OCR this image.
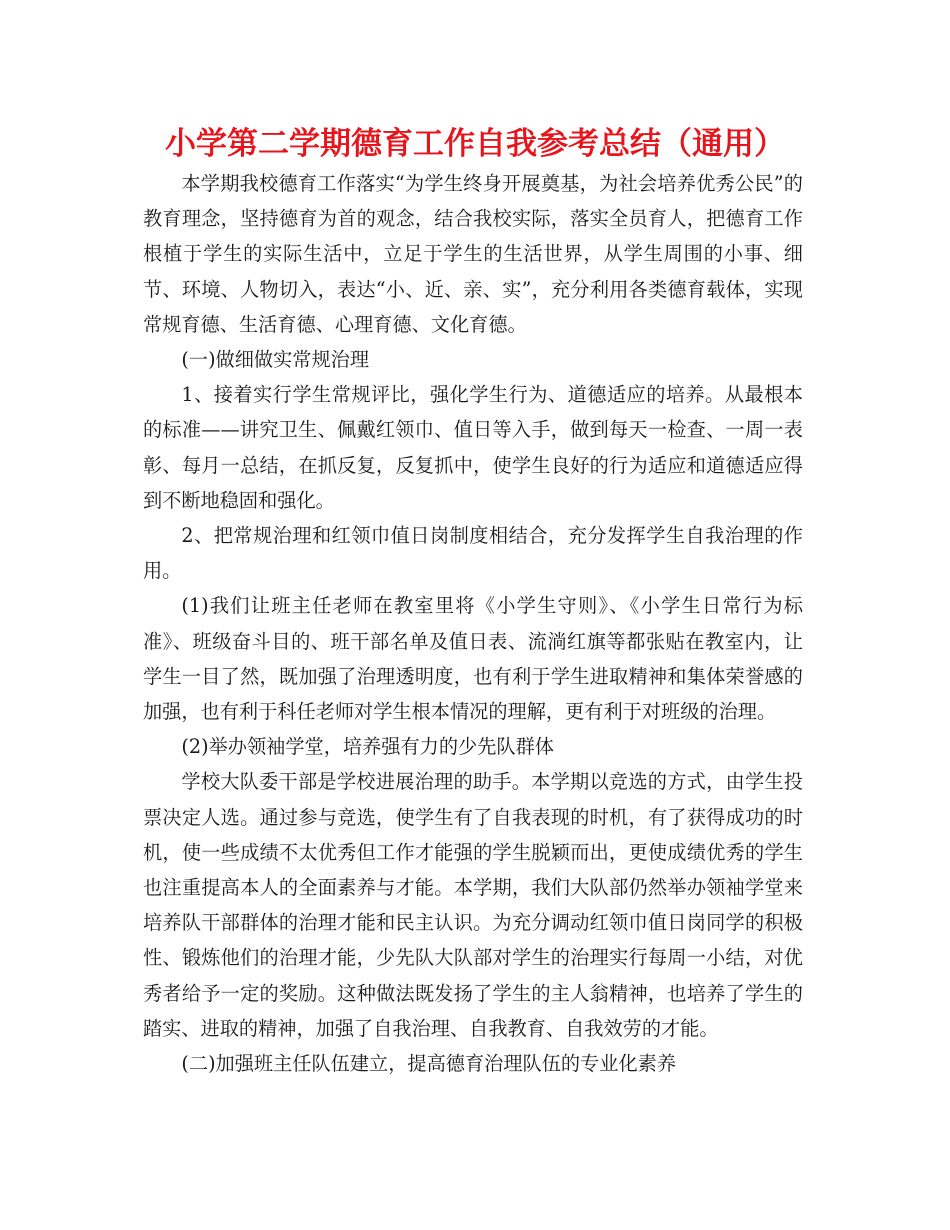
小学第二学期德育工作自我参考总结（通用）

本学期我校德育工作落实“为学生终身开展奠基，为社会培养优秀公民”的教育理念，坚持德育为首的观念，结合我校实际，落实全员育人，把德育工作根植于学生的实际生活中，立足于学生的生活世界，从学生周围的小事、细节、环境、人物切入，表达“小、近、亲、实”，充分利用各类德育载体，实现常规育德、生活育德、心理育德、文化育德。

(一)做细做实常规治理

1、接着实行学生常规评比，强化学生行为、道德适应的培养。从最根本的标准——讲究卫生、佩戴红领巾、值日等入手，做到每天一检查、一周一表彰、每月一总结，在抓反复，反复抓中，使学生良好的行为适应和道德适应得到不断地稳固和强化。

2、把常规治理和红领巾值日岗制度相结合，充分发挥学生自我治理的作用。

(1)我们让班主任老师在教室里将《小学生守则》、《小学生日常行为标准》、班级奋斗目的、班干部名单及值日表、流淌红旗等都张贴在教室内，让学生一目了然，既加强了治理透明度，也有利于学生进取精神和集体荣誉感的加强，也有利于科任老师对学生根本情况的理解，更有利于对班级的治理。

(2)举办领袖学堂，培养强有力的少先队群体

学校大队委干部是学校进展治理的助手。本学期以竞选的方式，由学生投票决定人选。通过参与竞选，使学生有了自我表现的时机，有了获得成功的时机，使一些成绩不太优秀但工作才能强的学生脱颖而出，更使成绩优秀的学生也注重提高本人的全面素养与才能。本学期，我们大队部仍然举办领袖学堂来培养队干部群体的治理才能和民主认识。为充分调动红领巾值日岗同学的积极性、锻炼他们的治理才能，少先队大队部对学生的治理实行每周一小结，对优秀者给予一定的奖励。这种做法既发扬了学生的主人翁精神，也培养了学生的踏实、进取的精神，加强了自我治理、自我教育、自我效劳的才能。

(二)加强班主任队伍建立，提高德育治理队伍的专业化素养
